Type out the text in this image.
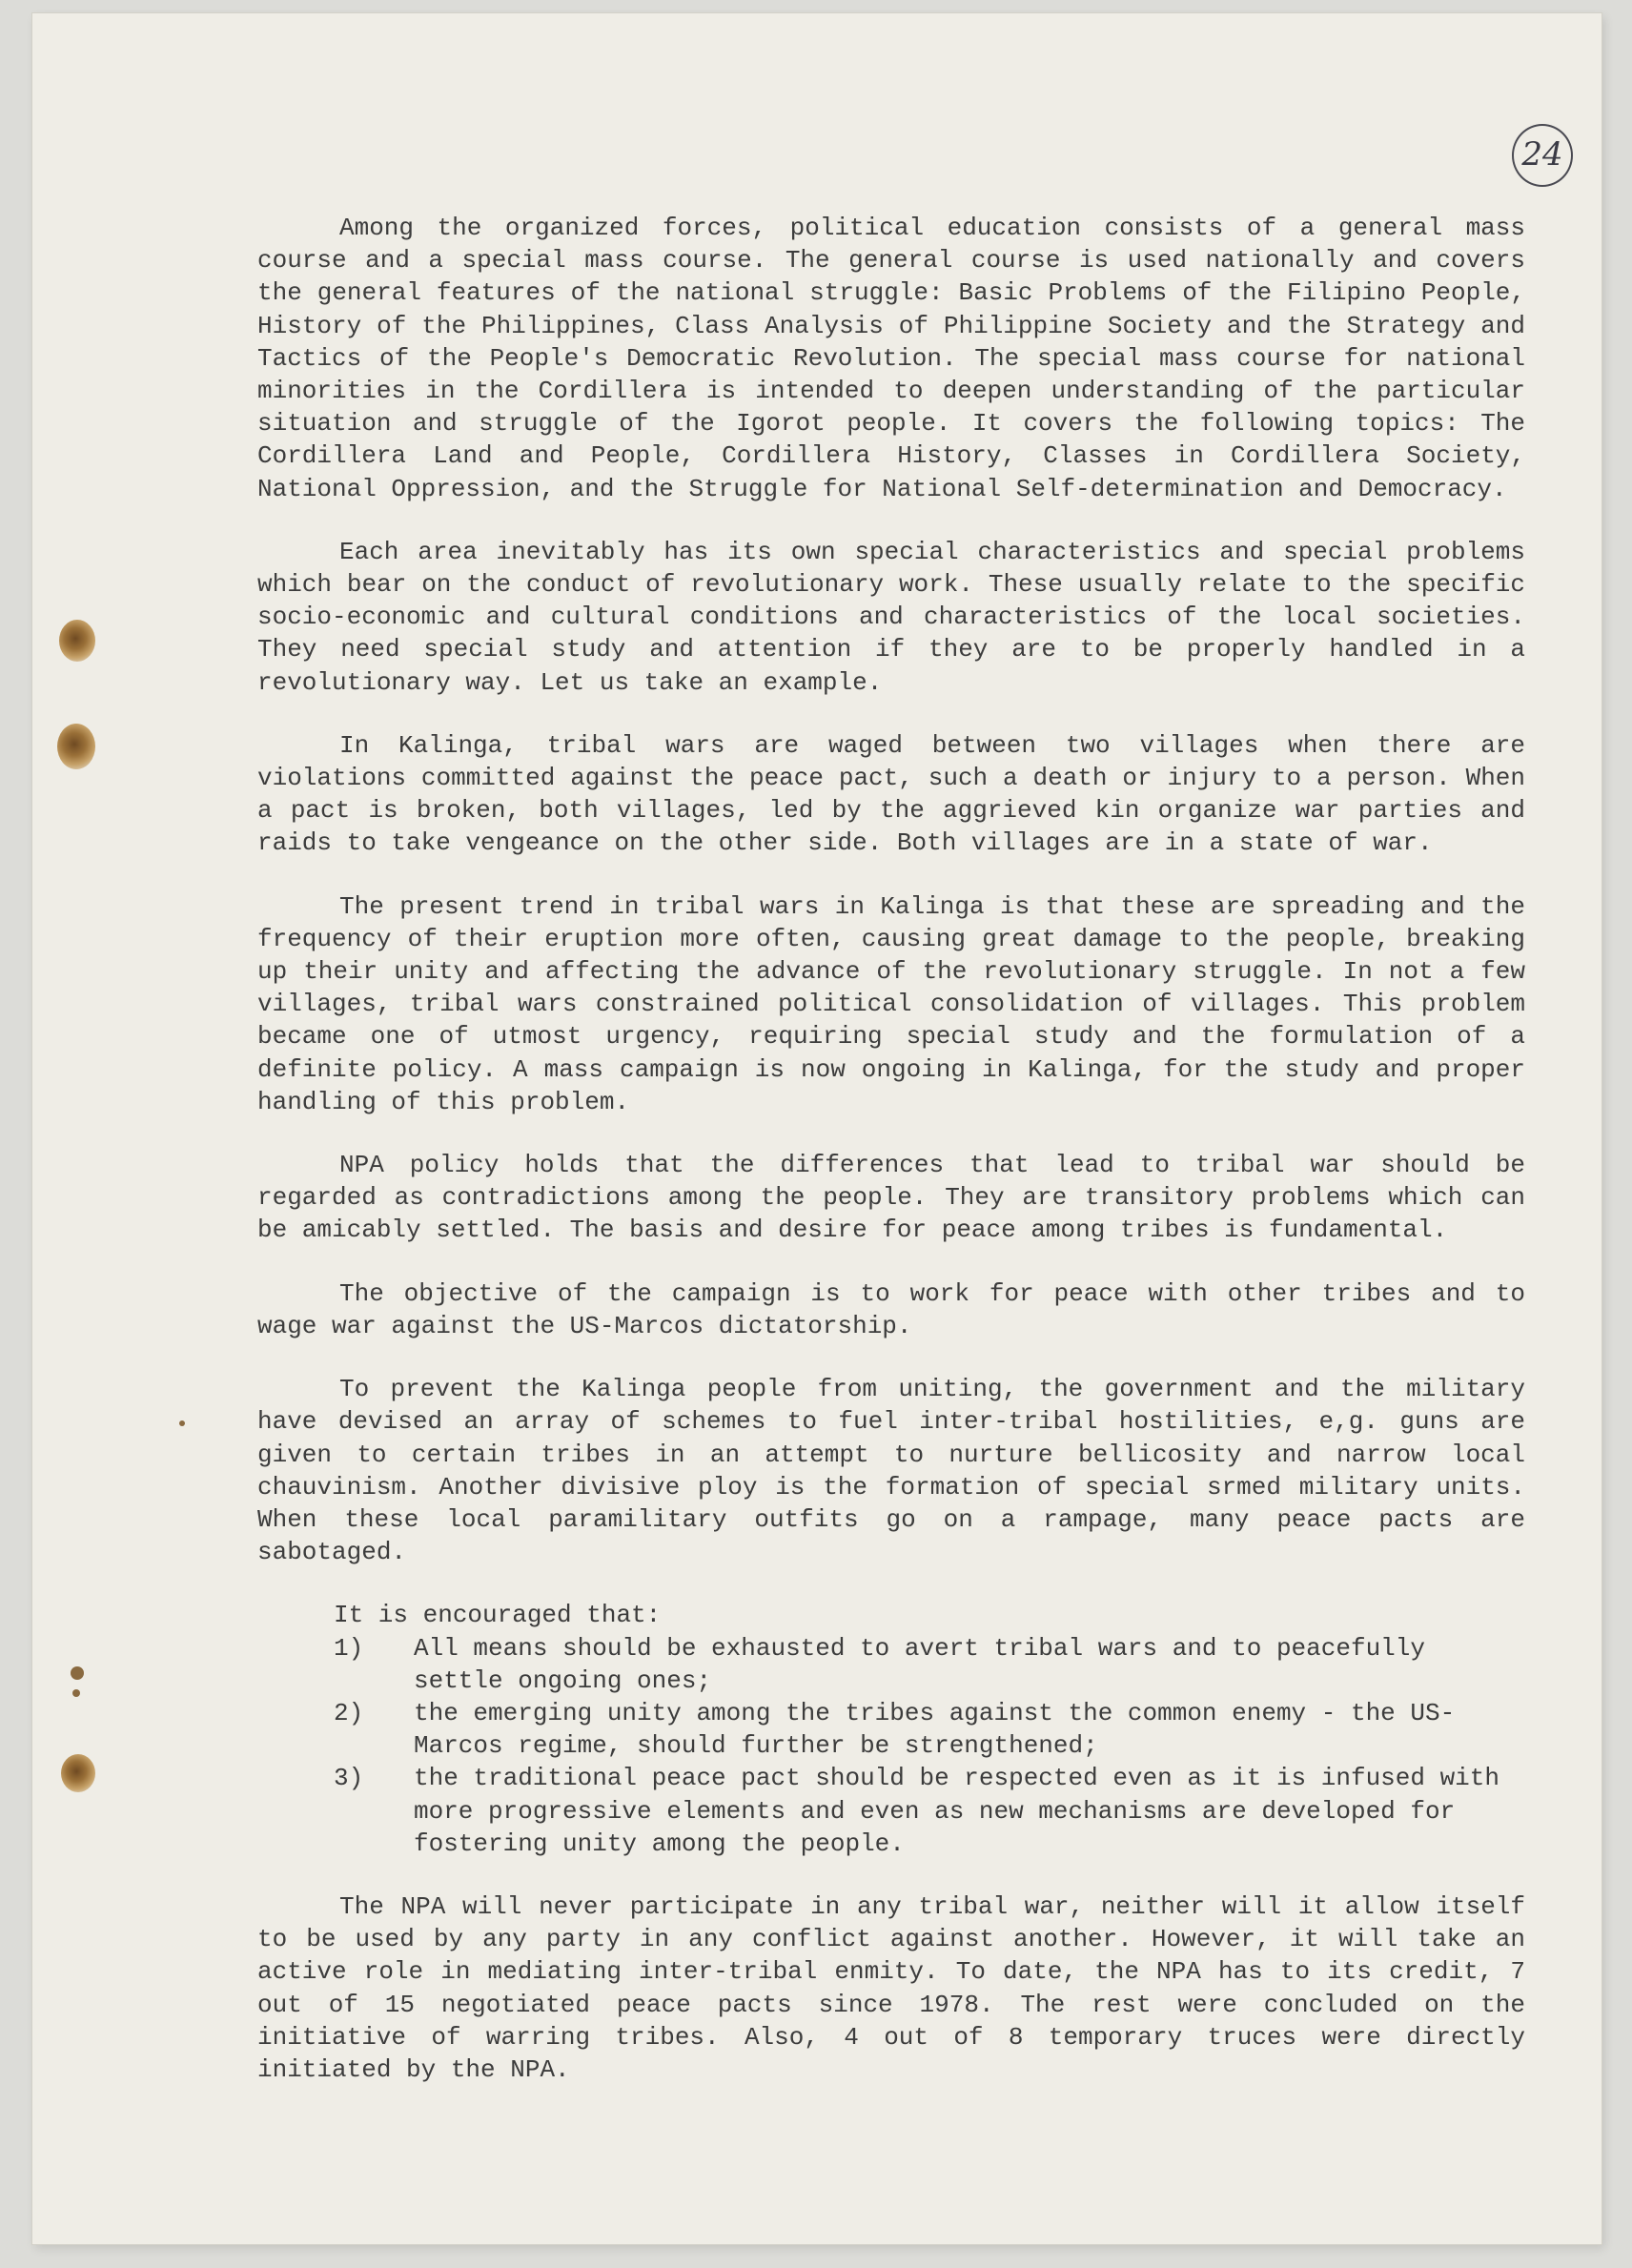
24

Among the organized forces, political education consists of a general mass course and a special mass course. The general course is used nationally and covers the general features of the national struggle: Basic Problems of the Filipino People, History of the Philippines, Class Analysis of Philippine Society and the Strategy and Tactics of the People's Democratic Revolution. The special mass course for national minorities in the Cordillera is intended to deepen understanding of the particular situation and struggle of the Igorot people. It covers the following topics: The Cordillera Land and People, Cordillera History, Classes in Cordillera Society, National Oppression, and the Struggle for National Self-determination and Democracy.

Each area inevitably has its own special characteristics and special problems which bear on the conduct of revolutionary work. These usually relate to the specific socio-economic and cultural conditions and characteristics of the local societies. They need special study and attention if they are to be properly handled in a revolutionary way. Let us take an example.

In Kalinga, tribal wars are waged between two villages when there are violations committed against the peace pact, such a death or injury to a person. When a pact is broken, both villages, led by the aggrieved kin organize war parties and raids to take vengeance on the other side. Both villages are in a state of war.

The present trend in tribal wars in Kalinga is that these are spreading and the frequency of their eruption more often, causing great damage to the people, breaking up their unity and affecting the advance of the revolutionary struggle. In not a few villages, tribal wars constrained political consolidation of villages. This problem became one of utmost urgency, requiring special study and the formulation of a definite policy. A mass campaign is now ongoing in Kalinga, for the study and proper handling of this problem.

NPA policy holds that the differences that lead to tribal war should be regarded as contradictions among the people. They are transitory problems which can be amicably settled. The basis and desire for peace among tribes is fundamental.

The objective of the campaign is to work for peace with other tribes and to wage war against the US-Marcos dictatorship.

To prevent the Kalinga people from uniting, the government and the military have devised an array of schemes to fuel inter-tribal hostilities, e,g. guns are given to certain tribes in an attempt to nurture bellicosity and narrow local chauvinism. Another divisive ploy is the formation of special srmed military units. When these local paramilitary outfits go on a rampage, many peace pacts are sabotaged.

It is encouraged that:

1)	All means should be exhausted to avert tribal wars and to peacefully settle ongoing ones;
2)	the emerging unity among the tribes against the common enemy - the US-Marcos regime, should further be strengthened;
3)	the traditional peace pact should be respected even as it is infused with more progressive elements and even as new mechanisms are developed for fostering unity among the people.

The NPA will never participate in any tribal war, neither will it allow itself to be used by any party in any conflict against another. However, it will take an active role in mediating inter-tribal enmity. To date, the NPA has to its credit, 7 out of 15 negotiated peace pacts since 1978. The rest were concluded on the initiative of warring tribes. Also, 4 out of 8 temporary truces were directly initiated by the NPA.
